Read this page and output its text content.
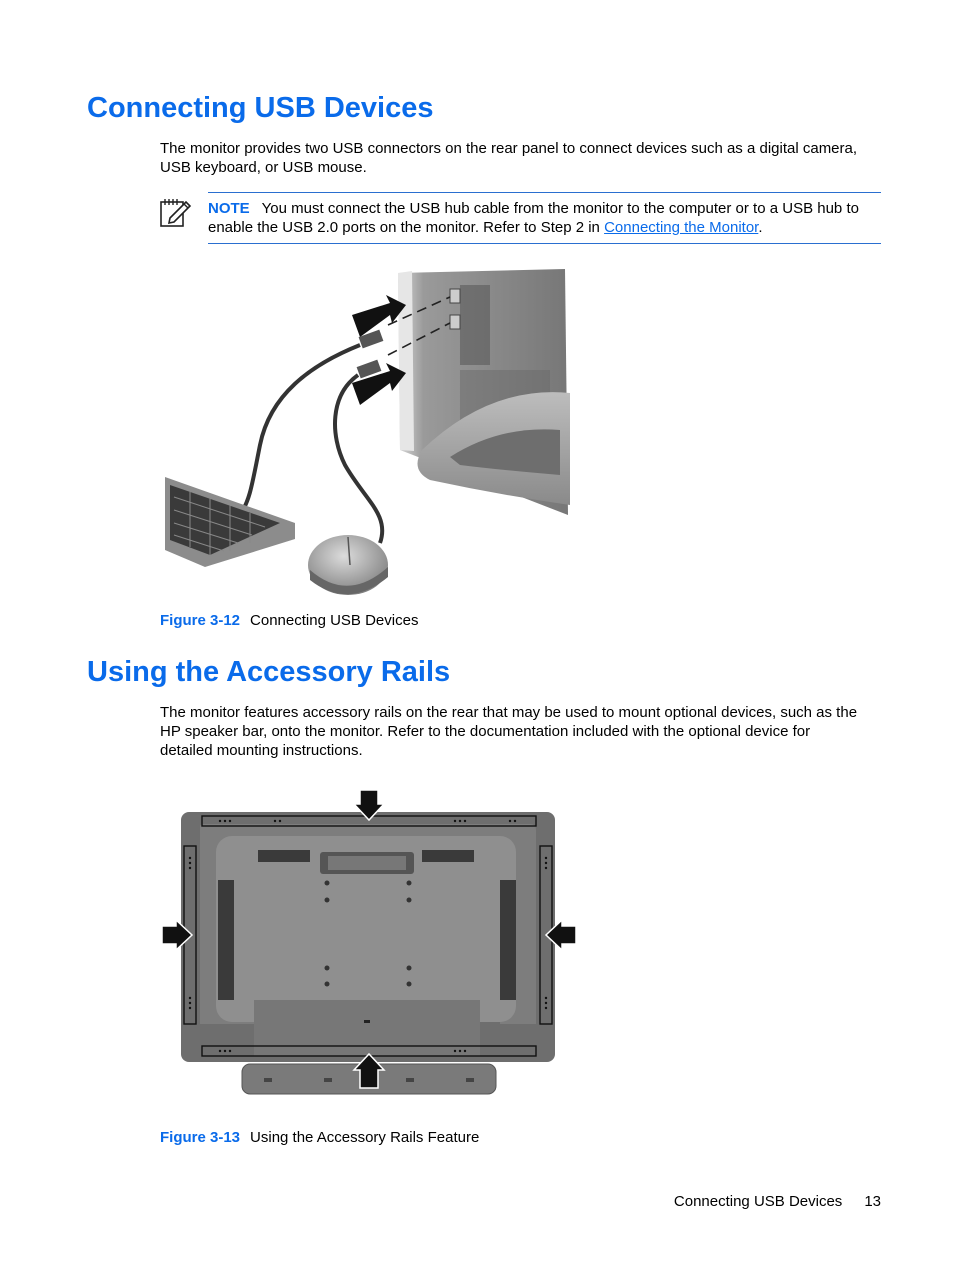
Connecting USB Devices

The monitor provides two USB connectors on the rear panel to connect devices such as a digital camera, USB keyboard, or USB mouse.

NOTE You must connect the USB hub cable from the monitor to the computer or to a USB hub to enable the USB 2.0 ports on the monitor. Refer to Step 2 in Connecting the Monitor.

Figure 3-12 Connecting USB Devices

Using the Accessory Rails

The monitor features accessory rails on the rear that may be used to mount optional devices, such as the HP speaker bar, onto the monitor. Refer to the documentation included with the optional device for detailed mounting instructions.

Figure 3-13 Using the Accessory Rails Feature

Connecting USB Devices 13
